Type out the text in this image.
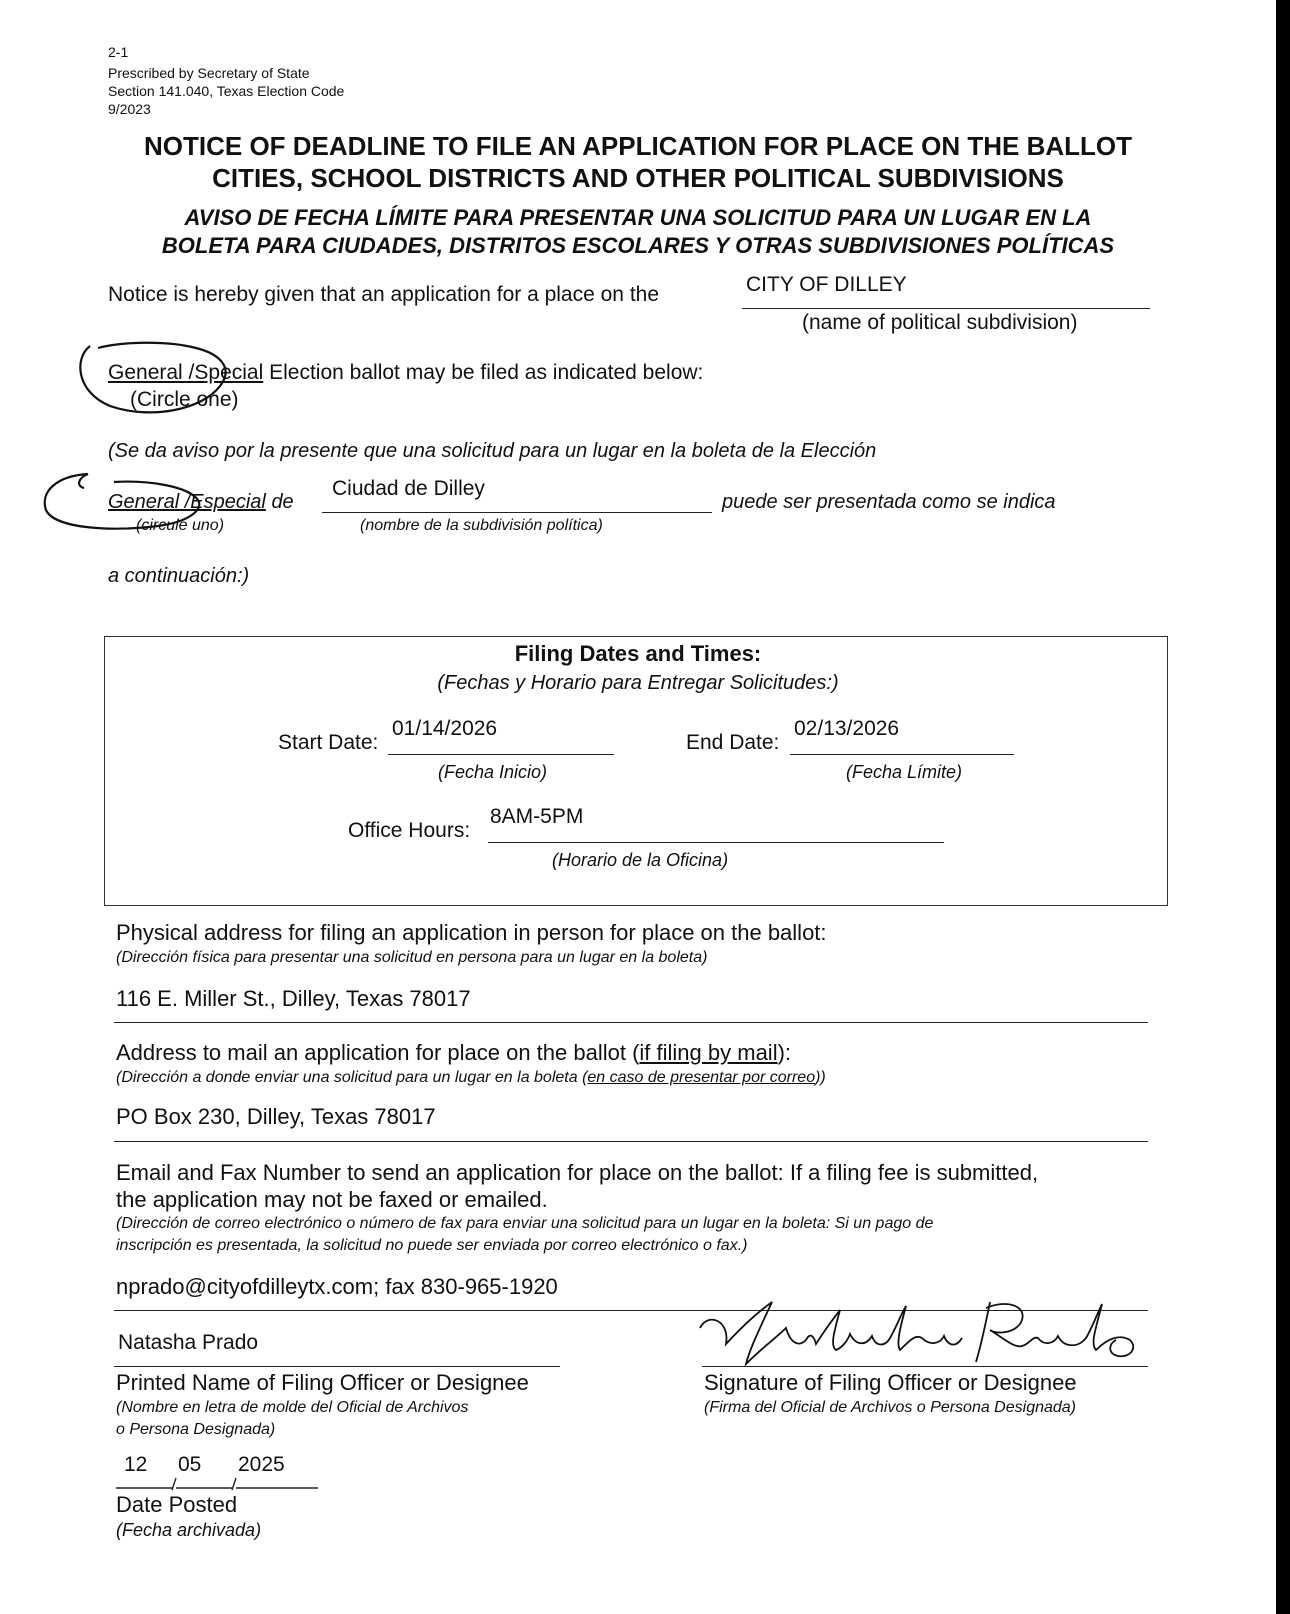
2-1
Prescribed by Secretary of State
Section 141.040, Texas Election Code
9/2023
NOTICE OF DEADLINE TO FILE AN APPLICATION FOR PLACE ON THE BALLOT
CITIES, SCHOOL DISTRICTS AND OTHER POLITICAL SUBDIVISIONS
AVISO DE FECHA LÍMITE PARA PRESENTAR UNA SOLICITUD PARA UN LUGAR EN LA
BOLETA PARA CIUDADES, DISTRITOS ESCOLARES Y OTRAS SUBDIVISIONES POLÍTICAS
Notice is hereby given that an application for a place on the	CITY OF DILLEY
(name of political subdivision)
General /Special Election ballot may be filed as indicated below:
(Circle one)
(Se da aviso por la presente que una solicitud para un lugar en la boleta de la Elección
General /Especial de
Ciudad de Dilley
puede ser presentada como se indica
(circule uno)	(nombre de la subdivisión política)
a continuación:)
Filing Dates and Times:
(Fechas y Horario para Entregar Solicitudes:)
Start Date:
01/14/2026
(Fecha Inicio)
End Date:
02/13/2026
(Fecha Límite)
Office Hours:
8AM-5PM
(Horario de la Oficina)
Physical address for filing an application in person for place on the ballot:
(Dirección física para presentar una solicitud en persona para un lugar en la boleta)
116 E. Miller St., Dilley, Texas 78017
Address to mail an application for place on the ballot (if filing by mail):
(Dirección a donde enviar una solicitud para un lugar en la boleta (en caso de presentar por correo))
PO Box 230, Dilley, Texas 78017
Email and Fax Number to send an application for place on the ballot: If a filing fee is submitted,
the application may not be faxed or emailed.
(Dirección de correo electrónico o número de fax para enviar una solicitud para un lugar en la boleta: Si un pago de
inscripción es presentada, la solicitud no puede ser enviada por correo electrónico o fax.)
nprado@cityofdilleytx.com; fax 830-965-1920
Natasha Prado
Printed Name of Filing Officer or Designee
(Nombre en letra de molde del Oficial de Archivos
o Persona Designada)
Signature of Filing Officer or Designee
(Firma del Oficial de Archivos o Persona Designada)
12 05 2025
Date Posted
(Fecha archivada)
